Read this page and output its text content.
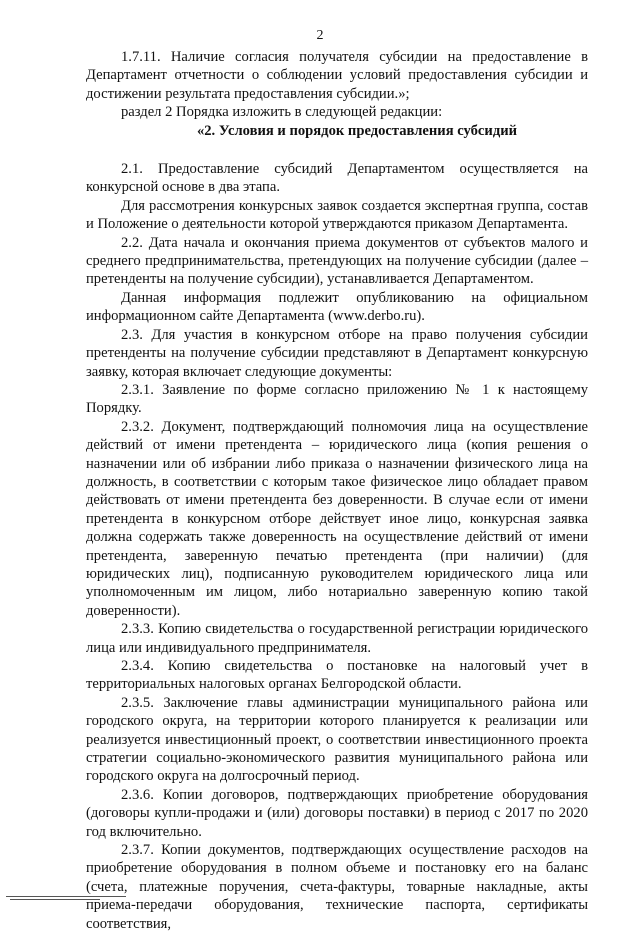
2

1.7.11. Наличие согласия получателя субсидии на предоставление в Департамент отчетности о соблюдении условий предоставления субсидии и достижении результата предоставления субсидии.»;

раздел 2 Порядка изложить в следующей редакции:

«2. Условия и порядок предоставления субсидий

2.1. Предоставление субсидий Департаментом осуществляется на конкурсной основе в два этапа.

Для рассмотрения конкурсных заявок создается экспертная группа, состав и Положение о деятельности которой утверждаются приказом Департамента.

2.2. Дата начала и окончания приема документов от субъектов малого и среднего предпринимательства, претендующих на получение субсидии (далее – претенденты на получение субсидии), устанавливается Департаментом.

Данная информация подлежит опубликованию на официальном информационном сайте Департамента (www.derbo.ru).

2.3. Для участия в конкурсном отборе на право получения субсидии претенденты на получение субсидии представляют в Департамент конкурсную заявку, которая включает следующие документы:

2.3.1. Заявление по форме согласно приложению № 1 к настоящему Порядку.

2.3.2. Документ, подтверждающий полномочия лица на осуществление действий от имени претендента – юридического лица (копия решения о назначении или об избрании либо приказа о назначении физического лица на должность, в соответствии с которым такое физическое лицо обладает правом действовать от имени претендента без доверенности. В случае если от имени претендента в конкурсном отборе действует иное лицо, конкурсная заявка должна содержать также доверенность на осуществление действий от имени претендента, заверенную печатью претендента (при наличии) (для юридических лиц), подписанную руководителем юридического лица или уполномоченным им лицом, либо нотариально заверенную копию такой доверенности).

2.3.3. Копию свидетельства о государственной регистрации юридического лица или индивидуального предпринимателя.

2.3.4. Копию свидетельства о постановке на налоговый учет в территориальных налоговых органах Белгородской области.

2.3.5. Заключение главы администрации муниципального района или городского округа, на территории которого планируется к реализации или реализуется инвестиционный проект, о соответствии инвестиционного проекта стратегии социально-экономического развития муниципального района или городского округа на долгосрочный период.

2.3.6. Копии договоров, подтверждающих приобретение оборудования (договоры купли-продажи и (или) договоры поставки) в период с 2017 по 2020 год включительно.

2.3.7. Копии документов, подтверждающих осуществление расходов на приобретение оборудования в полном объеме и постановку его на баланс (счета, платежные поручения, счета-фактуры, товарные накладные, акты приема-передачи оборудования, технические паспорта, сертификаты соответствия,
